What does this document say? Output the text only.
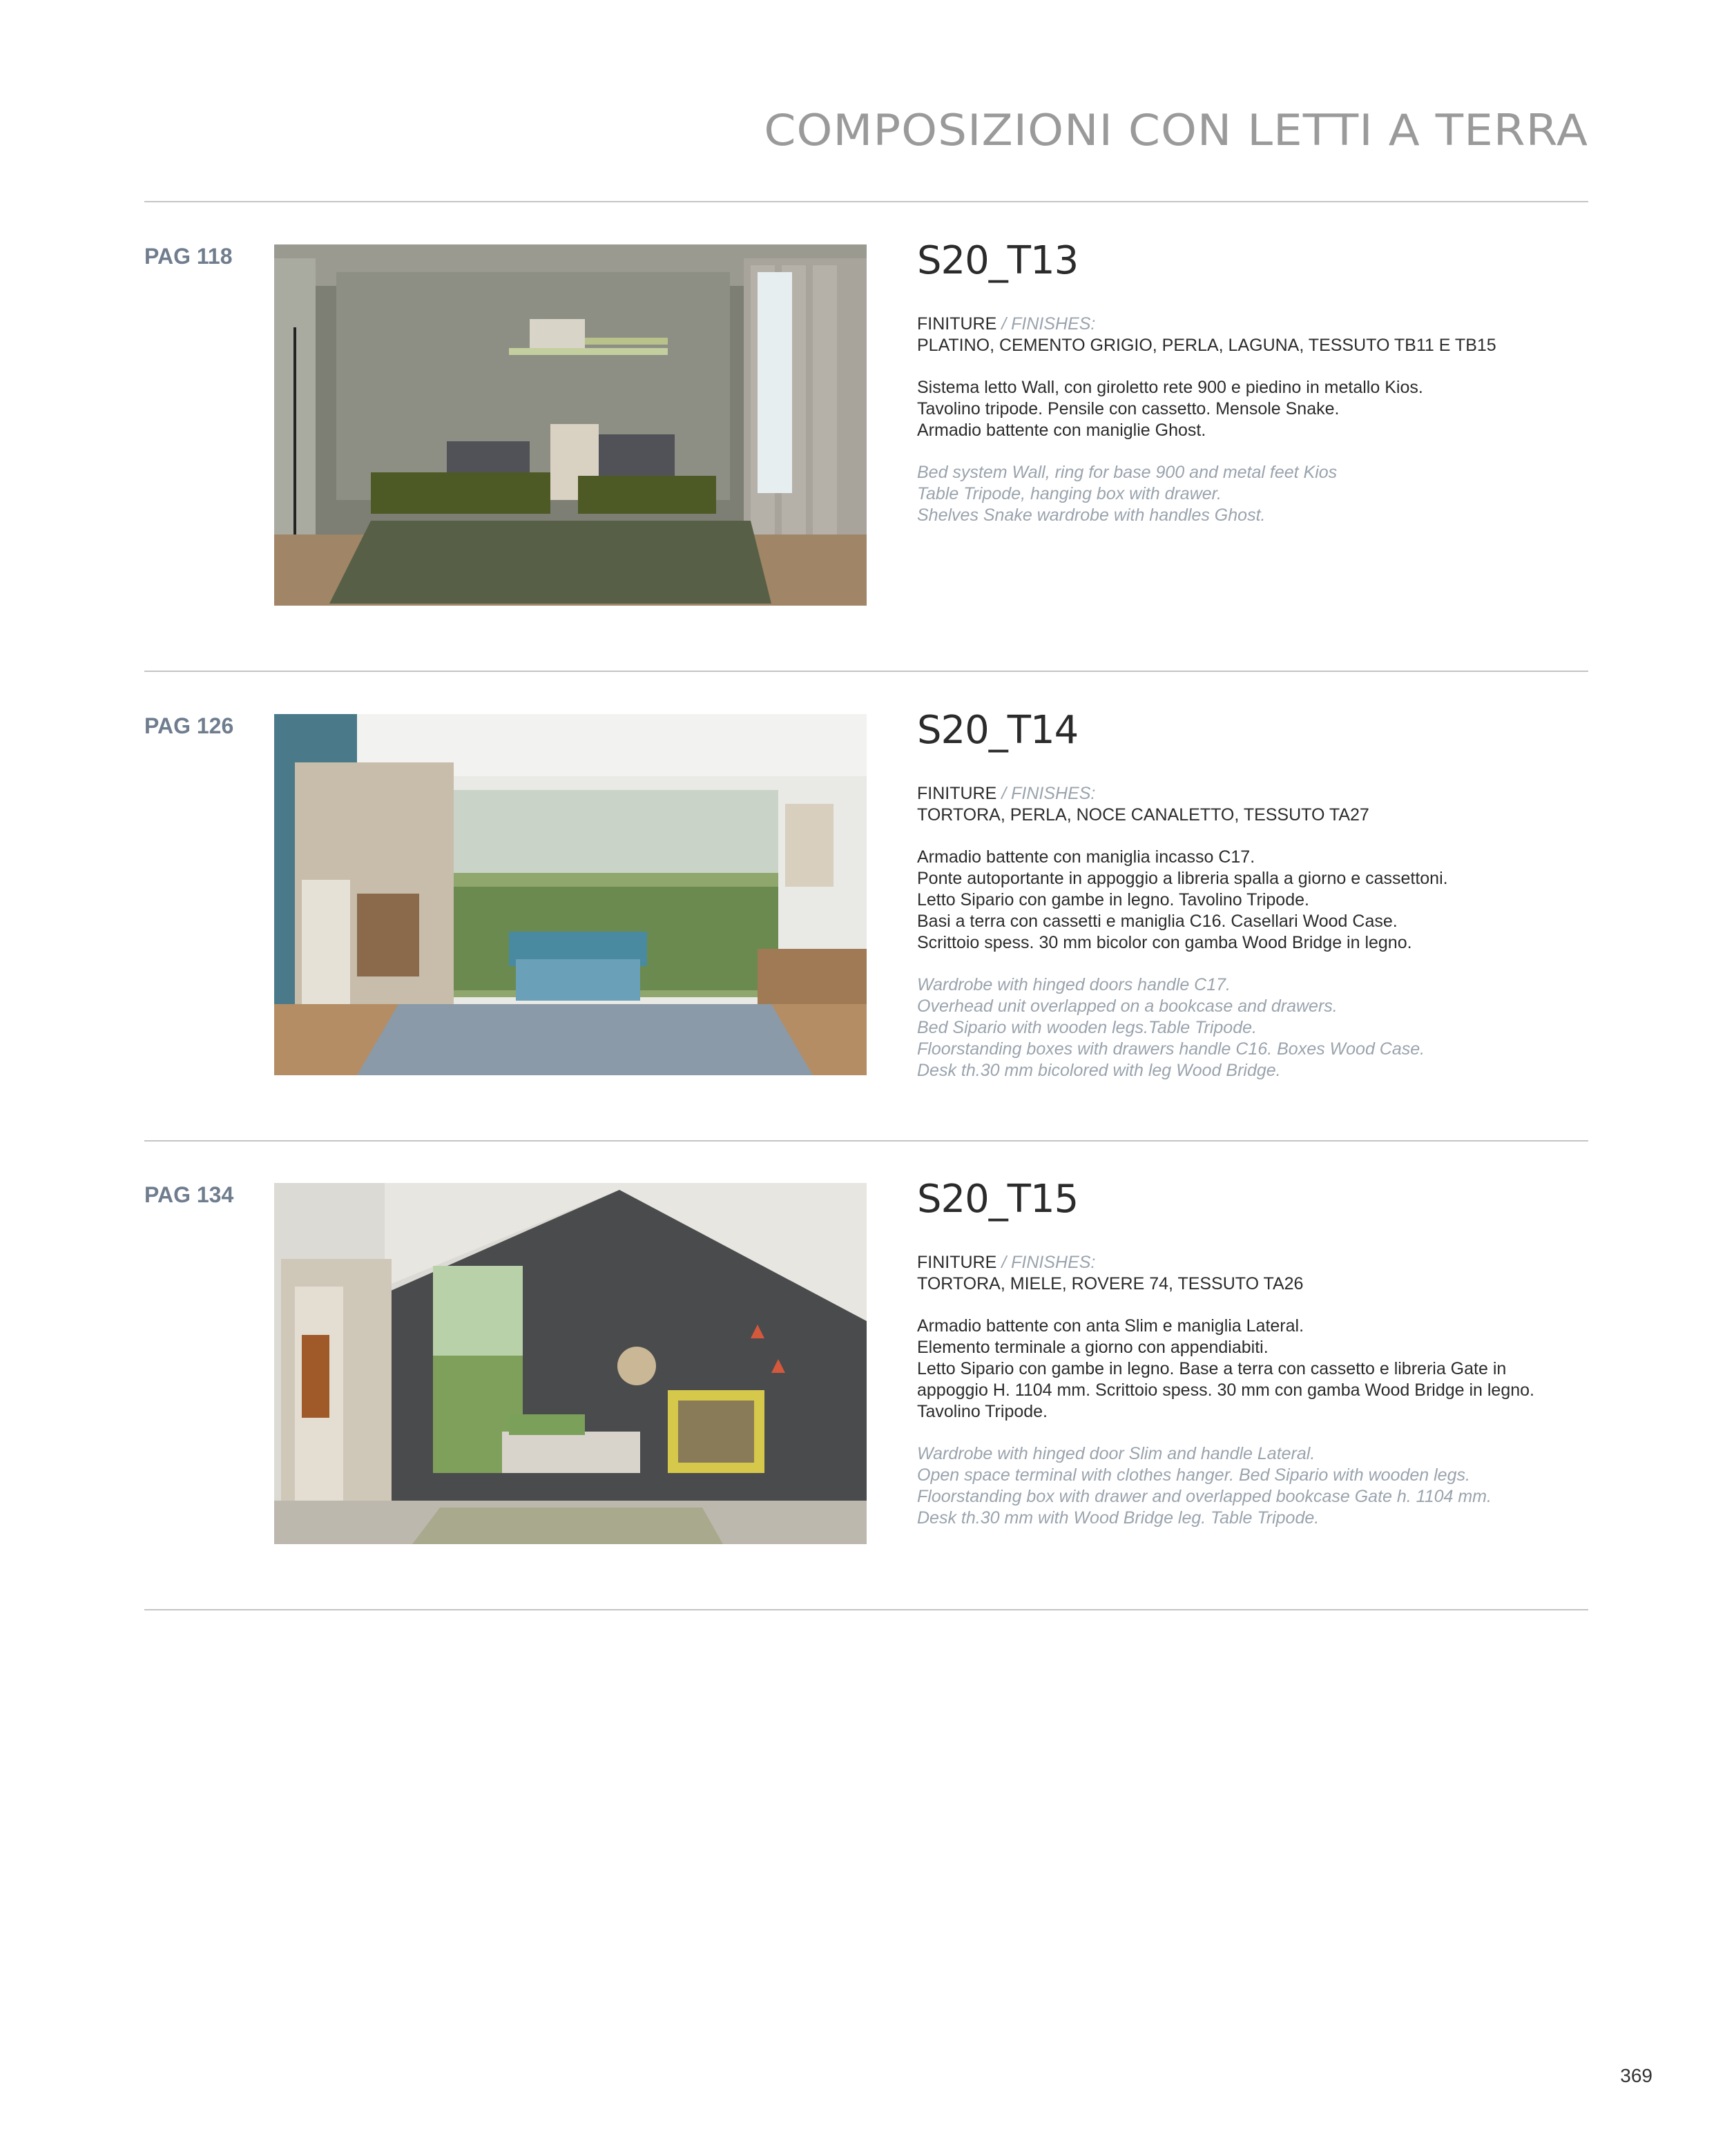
COMPOSIZIONI CON LETTI A TERRA
PAG 118	S20_T13

FINITURE / FINISHES:

PLATINO, CEMENTO GRIGIO, PERLA, LAGUNA, TESSUTO TB11 E TB15

Sistema letto Wall, con giroletto rete 900 e piedino in metallo Kios.

Tavolino tripode. Pensile con cassetto. Mensole Snake.

Armadio battente con maniglie Ghost.

Bed system Wall, ring for base 900 and metal feet Kios

Table Tripode, hanging box with drawer.

Shelves Snake wardrobe with handles Ghost.

PAG 126	S20_T14

FINITURE / FINISHES:

TORTORA, PERLA, NOCE CANALETTO, TESSUTO TA27

Armadio battente con maniglia incasso C17.

Ponte autoportante in appoggio a libreria spalla a giorno e cassettoni.

Letto Sipario con gambe in legno. Tavolino Tripode.

Basi a terra con cassetti e maniglia C16. Casellari Wood Case.

Scrittoio spess. 30 mm bicolor con gamba Wood Bridge in legno.

Wardrobe with hinged doors handle C17.

Overhead unit overlapped on a bookcase and drawers.

Bed Sipario with wooden legs.Table Tripode.

Floorstanding boxes with drawers handle C16. Boxes Wood Case.

Desk th.30 mm bicolored with leg Wood Bridge.

PAG 134	S20_T15

FINITURE / FINISHES:

TORTORA, MIELE, ROVERE 74, TESSUTO TA26

Armadio battente con anta Slim e maniglia Lateral.

Elemento terminale a giorno con appendiabiti.

Letto Sipario con gambe in legno. Base a terra con cassetto e libreria Gate in

appoggio H. 1104 mm. Scrittoio spess. 30 mm con gamba Wood Bridge in legno.

Tavolino Tripode.

Wardrobe with hinged door Slim and handle Lateral.

Open space terminal with clothes hanger. Bed Sipario with wooden legs.

Floorstanding box with drawer and overlapped bookcase Gate h. 1104 mm.

Desk th.30 mm with Wood Bridge leg. Table Tripode.

369
